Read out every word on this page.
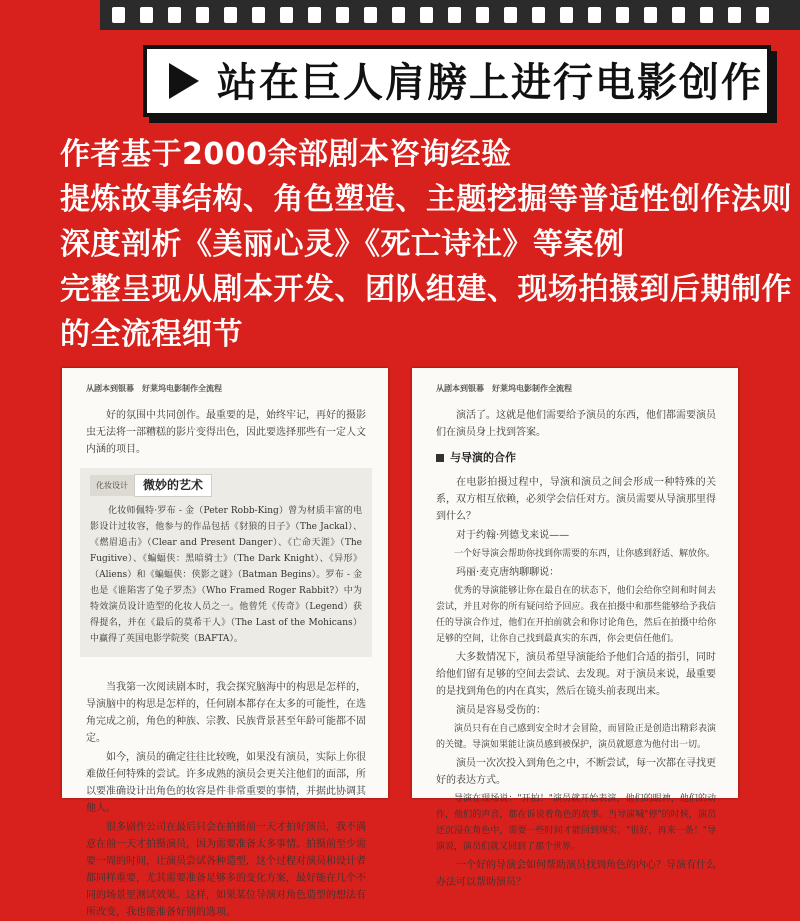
站在巨人肩膀上进行电影创作
作者基于2000余部剧本咨询经验
提炼故事结构、角色塑造、主题挖掘等普适性创作法则
深度剖析《美丽心灵》《死亡诗社》等案例
完整呈现从剧本开发、团队组建、现场拍摄到后期制作
的全流程细节
从剧本到银幕　好莱坞电影制作全流程

好的氛围中共同创作。最重要的是，始终牢记，再好的摄影虫无法将一部糟糕的影片变得出色，因此要选择那些有一定人文内涵的项目。

化妆设计	微妙的艺术

化妆师佩特·罗布 - 金（Peter Robb-King）曾为材质丰富的电影设计过妆容，他参与的作品包括《豺狼的日子》（The Jackal）、《燃眉追击》（Clear and Present Danger）、《亡命天涯》（The Fugitive）、《蝙蝠侠：黑暗骑士》（The Dark Knight）、《异形》（Aliens）和《蝙蝠侠：侠影之谜》（Batman Begins）。罗布 - 金也是《谁陷害了兔子罗杰》（Who Framed Roger Rabbit?）中为特效演员设计造型的化妆人员之一。他曾凭《传奇》（Legend）获得提名，并在《最后的莫希干人》（The Last of the Mohicans）中赢得了英国电影学院奖（BAFTA）。

当我第一次阅读剧本时，我会探究脑海中的构思是怎样的，导演脑中的构思是怎样的，任何剧本都存在太多的可能性，在选角完成之前，角色的种族、宗教、民族背景甚至年龄可能都不固定。

如今，演员的确定往往比较晚，如果没有演员，实际上你很难做任何特殊的尝试。许多成熟的演员会更关注他们的面部，所以要准确设计出角色的妆容是件非常重要的事情，并据此协调其他人。

很多剧作公司在最后只会在拍摄前一天才拍好演员，我不满意在前一天才拍摄演员，因为需要准备太多事情。拍摄前至少需要一周的时间，让演员尝试各种造型，这个过程对演员和设计者都同样重要，尤其需要准备足够多的变化方案，最好能在几个不同的场景里测试效果。这样，如果某位导演对角色造型的想法有所改变，我也能准备好别的选项。

从剧本到银幕　好莱坞电影制作全流程

演活了。这就是他们需要给予演员的东西，他们都需要演员们在演员身上找到答案。

与导演的合作

在电影拍摄过程中，导演和演员之间会形成一种特殊的关系，双方相互依赖，必须学会信任对方。演员需要从导演那里得到什么？

对于约翰·列德戈来说——

一个好导演会帮助你找到你需要的东西，让你感到舒适、解放你。

玛丽·麦克唐纳聊聊说：

优秀的导演能够让你在最自在的状态下，他们会给你空间和时间去尝试，并且对你的所有疑问给予回应。我在拍摄中和那些能够给予我信任的导演合作过，他们在开拍前就会和你讨论角色，然后在拍摄中给你足够的空间，让你自己找到最真实的东西，你会更信任他们。

大多数情况下，演员希望导演能给予他们合适的指引，同时给他们留有足够的空间去尝试、去发现。对于演员来说，最重要的是找到角色的内在真实，然后在镜头前表现出来。

演员是容易受伤的：

演员只有在自己感到安全时才会冒险，而冒险正是创造出精彩表演的关键。导演如果能让演员感到被保护，演员就愿意为他付出一切。

演员一次次投入到角色之中，不断尝试，每一次都在寻找更好的表达方式。

导演在现场说："开拍！"演员就开始表演，他们的眼神，他们的动作，他们的声音，都在诉说着角色的故事。当导演喊"停"的时候，演员还沉浸在角色中，需要一些时间才能回到现实。"很好，再来一条！"导演说，演员们就又回到了那个世界。

一个好的导演会如何帮助演员找到角色的内心？导演有什么办法可以帮助演员？
